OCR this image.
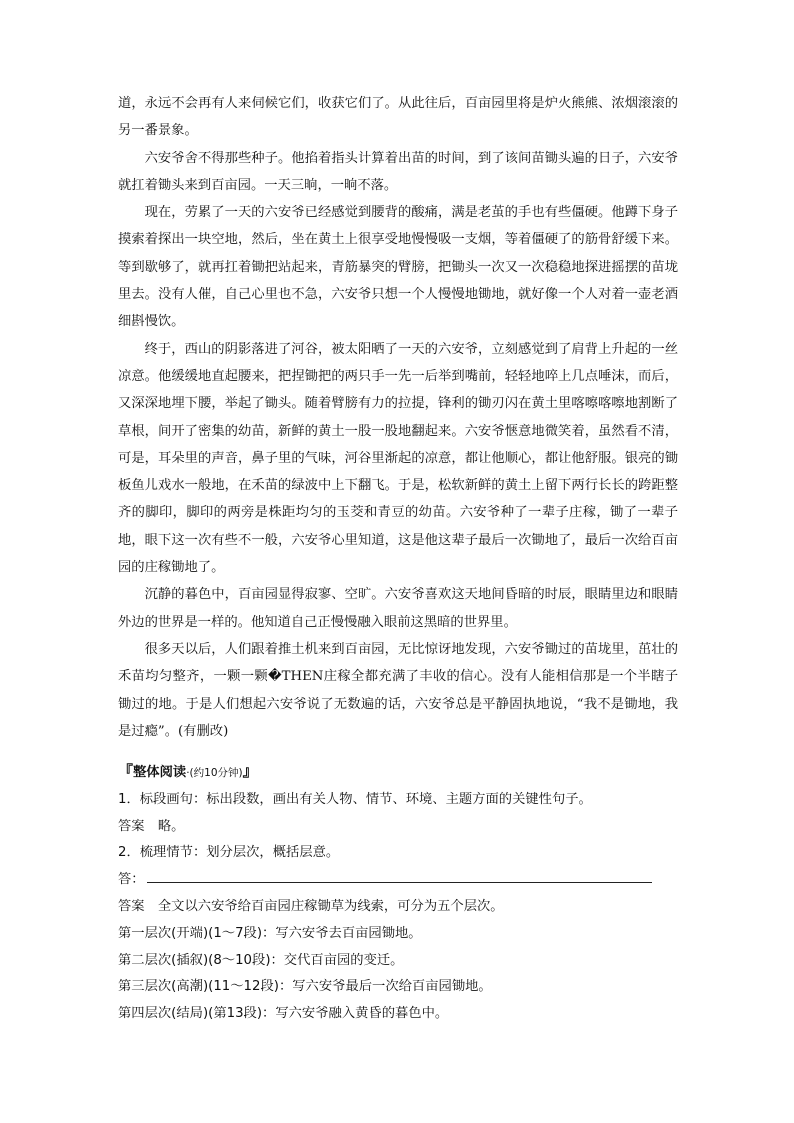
道，永远不会再有人来伺候它们，收获它们了。从此往后，百亩园里将是炉火熊熊、浓烟滚滚的另一番景象。

六安爷舍不得那些种子。他掐着指头计算着出苗的时间，到了该间苗锄头遍的日子，六安爷就扛着锄头来到百亩园。一天三晌，一晌不落。

现在，劳累了一天的六安爷已经感觉到腰背的酸痛，满是老茧的手也有些僵硬。他蹲下身子摸索着探出一块空地，然后，坐在黄土上很享受地慢慢吸一支烟，等着僵硬了的筋骨舒缓下来。等到歇够了，就再扛着锄把站起来，青筋暴突的臂膀，把锄头一次又一次稳稳地探进摇摆的苗垅里去。没有人催，自己心里也不急，六安爷只想一个人慢慢地锄地，就好像一个人对着一壶老酒细斟慢饮。

终于，西山的阴影落进了河谷，被太阳晒了一天的六安爷，立刻感觉到了肩背上升起的一丝凉意。他缓缓地直起腰来，把捏锄把的两只手一先一后举到嘴前，轻轻地啐上几点唾沫，而后，又深深地埋下腰，举起了锄头。随着臂膀有力的拉提，锋利的锄刃闪在黄土里喀嚓喀嚓地割断了草根，间开了密集的幼苗，新鲜的黄土一股一股地翻起来。六安爷惬意地微笑着，虽然看不清，可是，耳朵里的声音，鼻子里的气味，河谷里渐起的凉意，都让他顺心，都让他舒服。银亮的锄板鱼儿戏水一般地，在禾苗的绿波中上下翻飞。于是，松软新鲜的黄土上留下两行长长的跨距整齐的脚印，脚印的两旁是株距均匀的玉茭和青豆的幼苗。六安爷种了一辈子庄稼，锄了一辈子地，眼下这一次有些不一般，六安爷心里知道，这是他这辈子最后一次锄地了，最后一次给百亩园的庄稼锄地了。

沉静的暮色中，百亩园显得寂寥、空旷。六安爷喜欢这天地间昏暗的时辰，眼睛里边和眼睛外边的世界是一样的。他知道自己正慢慢融入眼前这黑暗的世界里。

很多天以后，人们跟着推土机来到百亩园，无比惊讶地发现，六安爷锄过的苗垅里，茁壮的禾苗均匀整齐，一颗一颗�THEN庄稼全都充满了丰收的信心。没有人能相信那是一个半瞎子锄过的地。于是人们想起六安爷说了无数遍的话，六安爷总是平静固执地说，“我不是锄地，我是过瘾”。(有删改)

『整体阅读·(约10分钟)』

1．标段画句：标出段数，画出有关人物、情节、环境、主题方面的关键性句子。

答案　略。

2．梳理情节：划分层次，概括层意。

答：

答案　全文以六安爷给百亩园庄稼锄草为线索，可分为五个层次。

第一层次(开端)(1～7段)：写六安爷去百亩园锄地。

第二层次(插叙)(8～10段)：交代百亩园的变迁。

第三层次(高潮)(11～12段)：写六安爷最后一次给百亩园锄地。

第四层次(结局)(第13段)：写六安爷融入黄昏的暮色中。
